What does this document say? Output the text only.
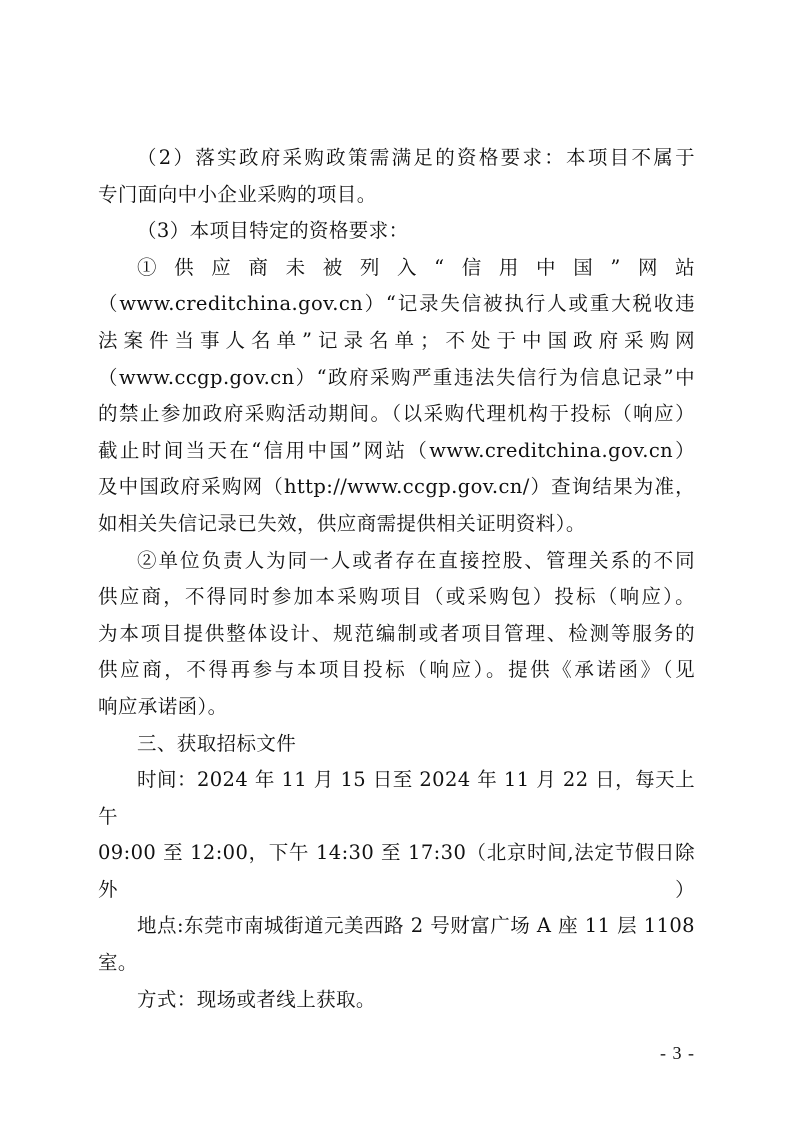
（2）落实政府采购政策需满足的资格要求：本项目不属于

专门面向中小企业采购的项目。

（3）本项目特定的资格要求：

①供应商未被列入“信用中国”网站

（www.creditchina.gov.cn）“记录失信被执行人或重大税收违

法案件当事人名单”记录名单；不处于中国政府采购网

（www.ccgp.gov.cn）“政府采购严重违法失信行为信息记录”中

的禁止参加政府采购活动期间。（以采购代理机构于投标（响应）

截止时间当天在“信用中国”网站（www.creditchina.gov.cn）

及中国政府采购网（http://www.ccgp.gov.cn/）查询结果为准，

如相关失信记录已失效，供应商需提供相关证明资料）。

②单位负责人为同一人或者存在直接控股、管理关系的不同

供应商，不得同时参加本采购项目（或采购包）投标（响应）。

为本项目提供整体设计、规范编制或者项目管理、检测等服务的

供应商，不得再参与本项目投标（响应）。提供《承诺函》（见

响应承诺函）。

三、获取招标文件

时间：2024 年 11 月 15 日至 2024 年 11 月 22 日，每天上午

09:00 至 12:00，下午 14:30 至 17:30（北京时间,法定节假日除外）

地点:东莞市南城街道元美西路 2 号财富广场 A 座 11 层 1108

室。

方式：现场或者线上获取。

- 3 -
